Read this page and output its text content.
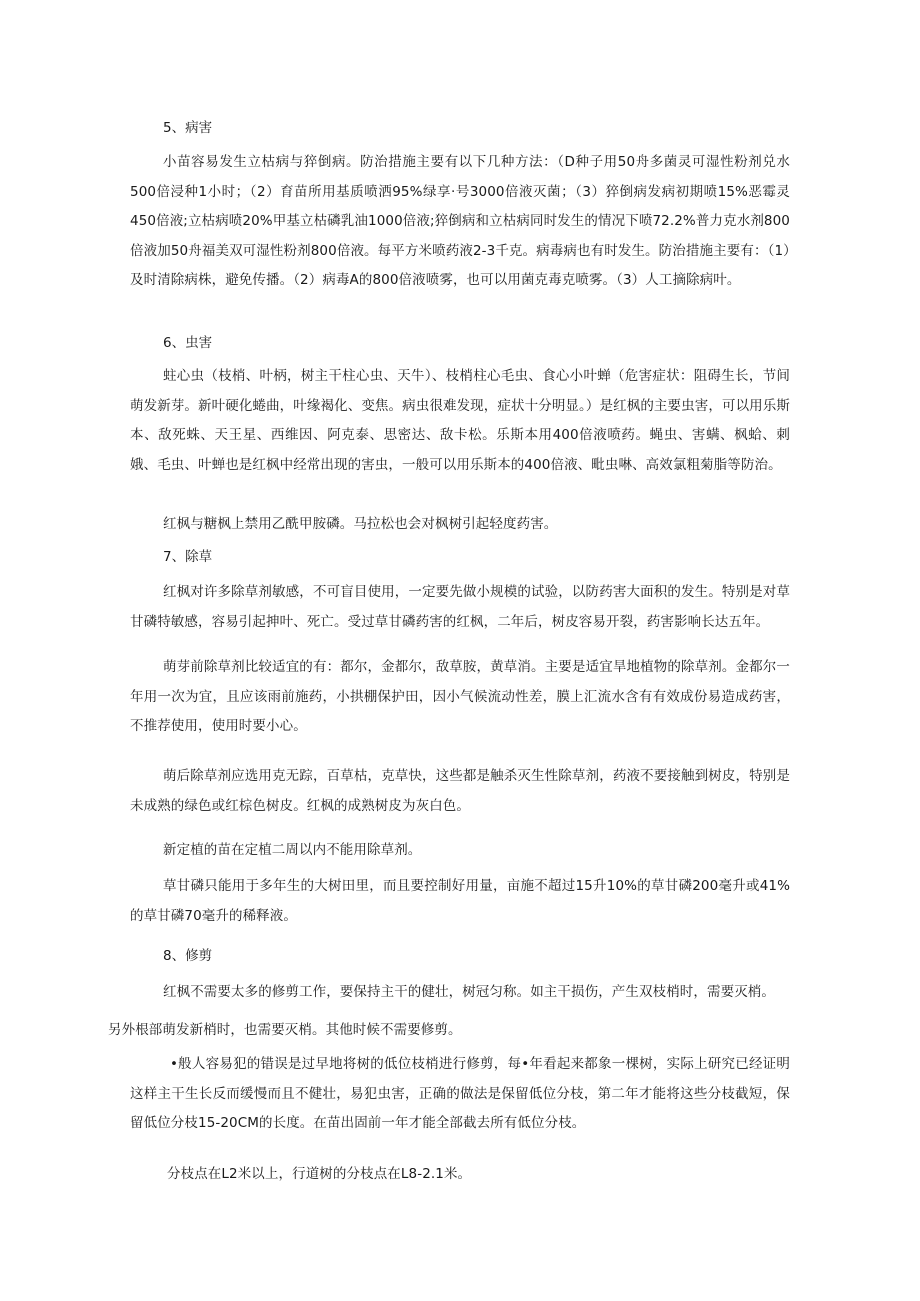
5、病害

小苗容易发生立枯病与猝倒病。防治措施主要有以下几种方法：（D种子用50舟多菌灵可湿性粉剂兑水500倍浸种1小时；（2）育苗所用基质喷洒95%绿享·号3000倍液灭菌；（3）猝倒病发病初期喷15%恶霉灵450倍液;立枯病喷20%甲基立枯磷乳油1000倍液;猝倒病和立枯病同时发生的情况下喷72.2%普力克水剂800倍液加50舟福美双可湿性粉剂800倍液。每平方米喷药液2-3千克。病毒病也有时发生。防治措施主要有：（1）及时清除病株，避免传播。（2）病毒A的800倍液喷雾，也可以用菌克毒克喷雾。（3）人工摘除病叶。

6、虫害

蛀心虫（枝梢、叶柄，树主干柱心虫、天牛）、枝梢柱心毛虫、食心小叶蝉（危害症状：阻碍生长，节间萌发新芽。新叶硬化蜷曲，叶缘褐化、变焦。病虫很难发现，症状十分明显。）是红枫的主要虫害，可以用乐斯本、敌死蛛、天王星、西维因、阿克泰、思密达、敌卡松。乐斯本用400倍液喷药。蝇虫、害螨、枫蛤、刺娥、毛虫、叶蝉也是红枫中经常出现的害虫，一般可以用乐斯本的400倍液、毗虫啉、高效氯粗菊脂等防治。

红枫与糖枫上禁用乙酰甲胺磷。马拉松也会对枫树引起轻度药害。

7、除草

红枫对许多除草剂敏感，不可盲目使用，一定要先做小规模的试验，以防药害大面积的发生。特别是对草甘磷特敏感，容易引起抻叶、死亡。受过草甘磷药害的红枫，二年后，树皮容易开裂，药害影响长达五年。

萌芽前除草剂比较适宜的有：都尔，金都尔，敌草胺，黄草消。主要是适宜旱地植物的除草剂。金都尔一年用一次为宜，且应该雨前施药，小拱棚保护田，因小气候流动性差，膜上汇流水含有有效成份易造成药害，不推荐使用，使用时要小心。

萌后除草剂应选用克无踪，百草枯，克草快，这些都是触杀灭生性除草剂，药液不要接触到树皮，特别是未成熟的绿色或红棕色树皮。红枫的成熟树皮为灰白色。

新定植的苗在定植二周以内不能用除草剂。

草甘磷只能用于多年生的大树田里，而且要控制好用量，亩施不超过15升10%的草甘磷200毫升或41%的草甘磷70毫升的稀释液。

8、修剪

红枫不需要太多的修剪工作，要保持主干的健壮，树冠匀称。如主干损伤，产生双枝梢时，需要灭梢。

另外根部萌发新梢时，也需要灭梢。其他时候不需要修剪。

•般人容易犯的错误是过早地将树的低位枝梢进行修剪，每•年看起来都象一棵树，实际上研究已经证明这样主干生长反而缓慢而且不健壮，易犯虫害，正确的做法是保留低位分枝，第二年才能将这些分枝截短，保留低位分枝15-20CM的长度。在苗出固前一年才能全部截去所有低位分枝。

分枝点在L2米以上，行道树的分枝点在L8-2.1米。
